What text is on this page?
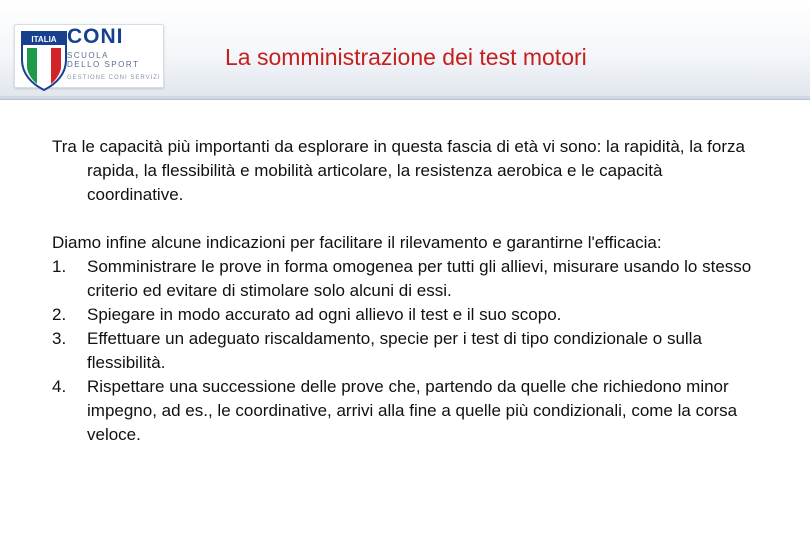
ITALIA CONI
SCUOLA
DELLO SPORT
GESTIONE CONI SERVIZI
La somministrazione dei test motori

Tra le capacità più importanti da esplorare in questa fascia di età vi sono: la rapidità, la forza rapida, la flessibilità e mobilità articolare, la resistenza aerobica e le capacità coordinative.

Diamo infine alcune indicazioni per facilitare il rilevamento e garantirne l'efficacia:

1. Somministrare le prove in forma omogenea per tutti gli allievi, misurare usando lo stesso criterio ed evitare di stimolare solo alcuni di essi.
2. Spiegare in modo accurato ad ogni allievo il test e il suo scopo.
3. Effettuare un adeguato riscaldamento, specie per i test di tipo condizionale o sulla flessibilità.
4. Rispettare una successione delle prove che, partendo da quelle che richiedono minor impegno, ad es., le coordinative, arrivi alla fine a quelle più condizionali, come la corsa veloce.
